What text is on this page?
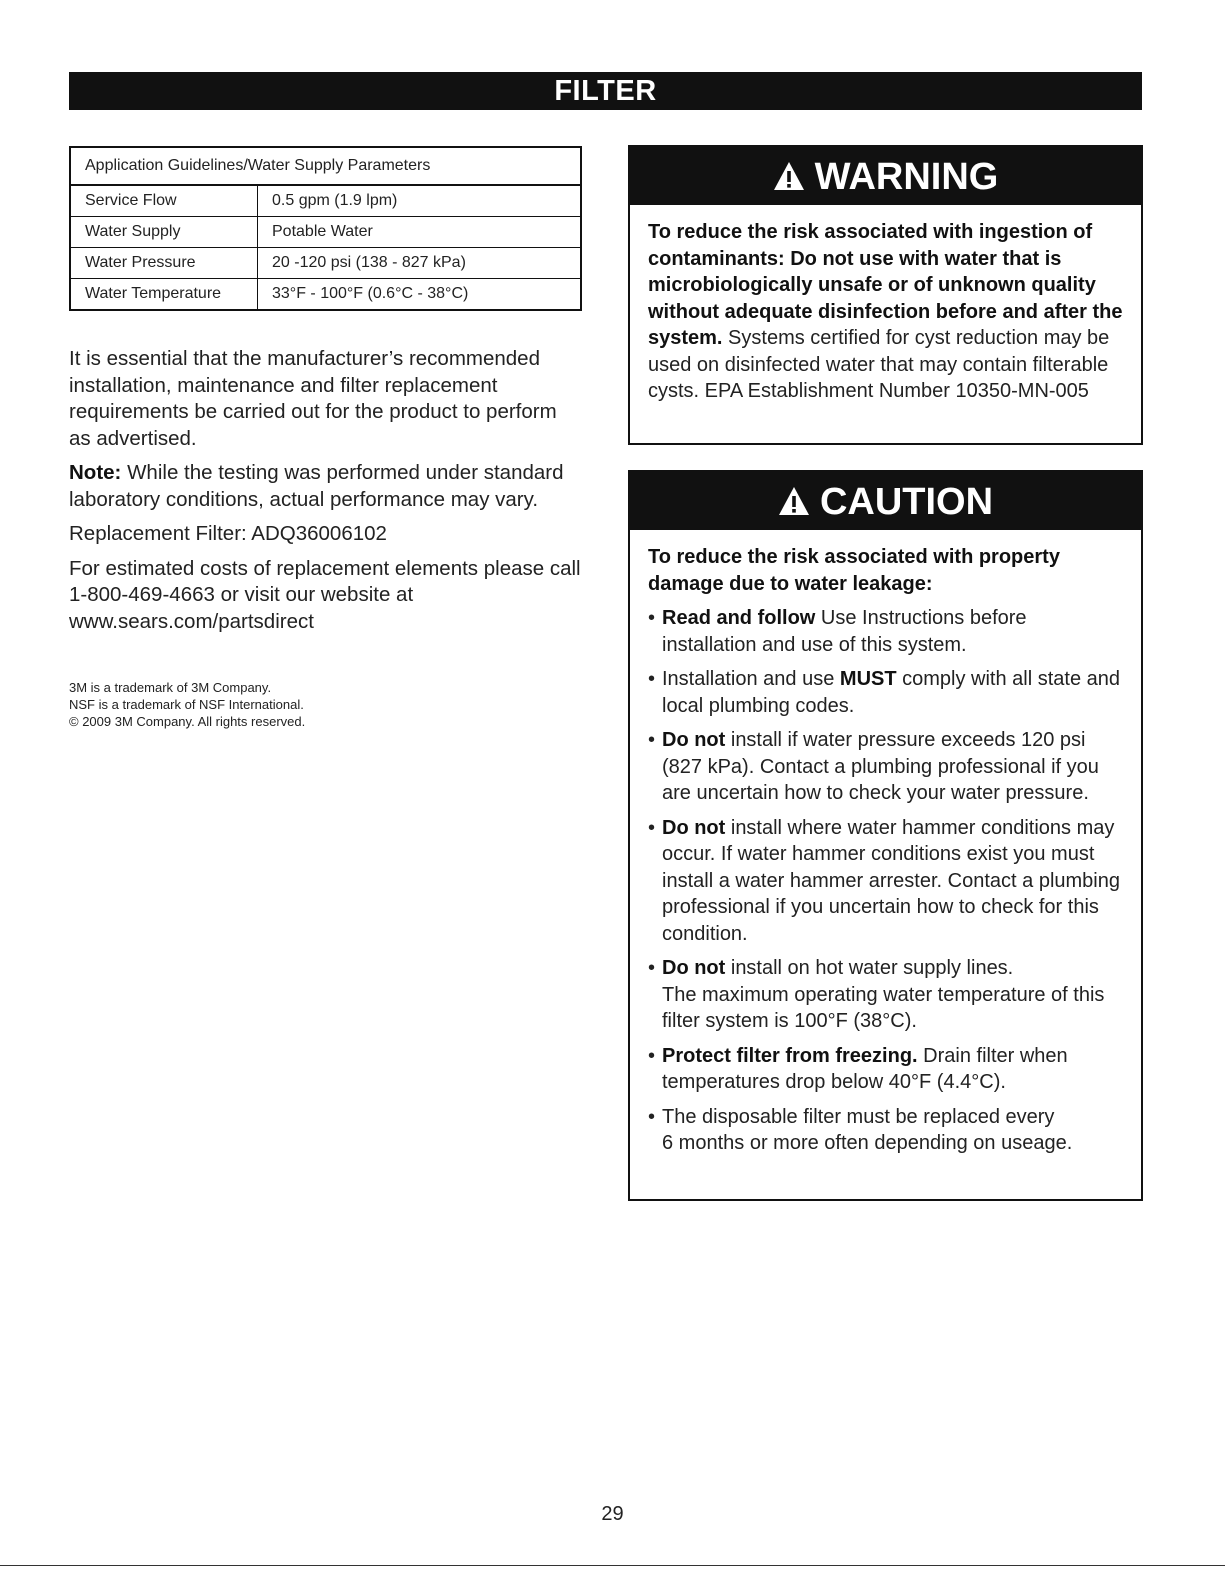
FILTER
Application Guidelines/Water Supply Parameters	
Service Flow	0.5 gpm (1.9 lpm)
Water Supply	Potable Water
Water Pressure	20 -120 psi (138 - 827 kPa)
Water Temperature	33°F - 100°F (0.6°C - 38°C)

It is essential that the manufacturer’s recommended installation, maintenance and filter replacement requirements be carried out for the product to perform as advertised.

Note: While the testing was performed under standard laboratory conditions, actual performance may vary.

Replacement Filter: ADQ36006102

For estimated costs of replacement elements please call 1-800-469-4663 or visit our website at www.sears.com/partsdirect

3M is a trademark of 3M Company.
NSF is a trademark of NSF International.
© 2009 3M Company. All rights reserved.
WARNING
To reduce the risk associated with ingestion of contaminants: Do not use with water that is microbiologically unsafe or of unknown quality without adequate disinfection before and after the system. Systems certified for cyst reduction may be used on disinfected water that may contain filterable cysts. EPA Establishment Number 10350-MN-005
CAUTION
To reduce the risk associated with property damage due to water leakage:
• Read and follow Use Instructions before installation and use of this system.
• Installation and use MUST comply with all state and local plumbing codes.
• Do not install if water pressure exceeds 120 psi (827 kPa). Contact a plumbing professional if you are uncertain how to check your water pressure.
• Do not install where water hammer conditions may occur. If water hammer conditions exist you must install a water hammer arrester. Contact a plumbing professional if you uncertain how to check for this condition.
• Do not install on hot water supply lines.
The maximum operating water temperature of this filter system is 100°F (38°C).
• Protect filter from freezing. Drain filter when temperatures drop below 40°F (4.4°C).
• The disposable filter must be replaced every
6 months or more often depending on useage.
29
